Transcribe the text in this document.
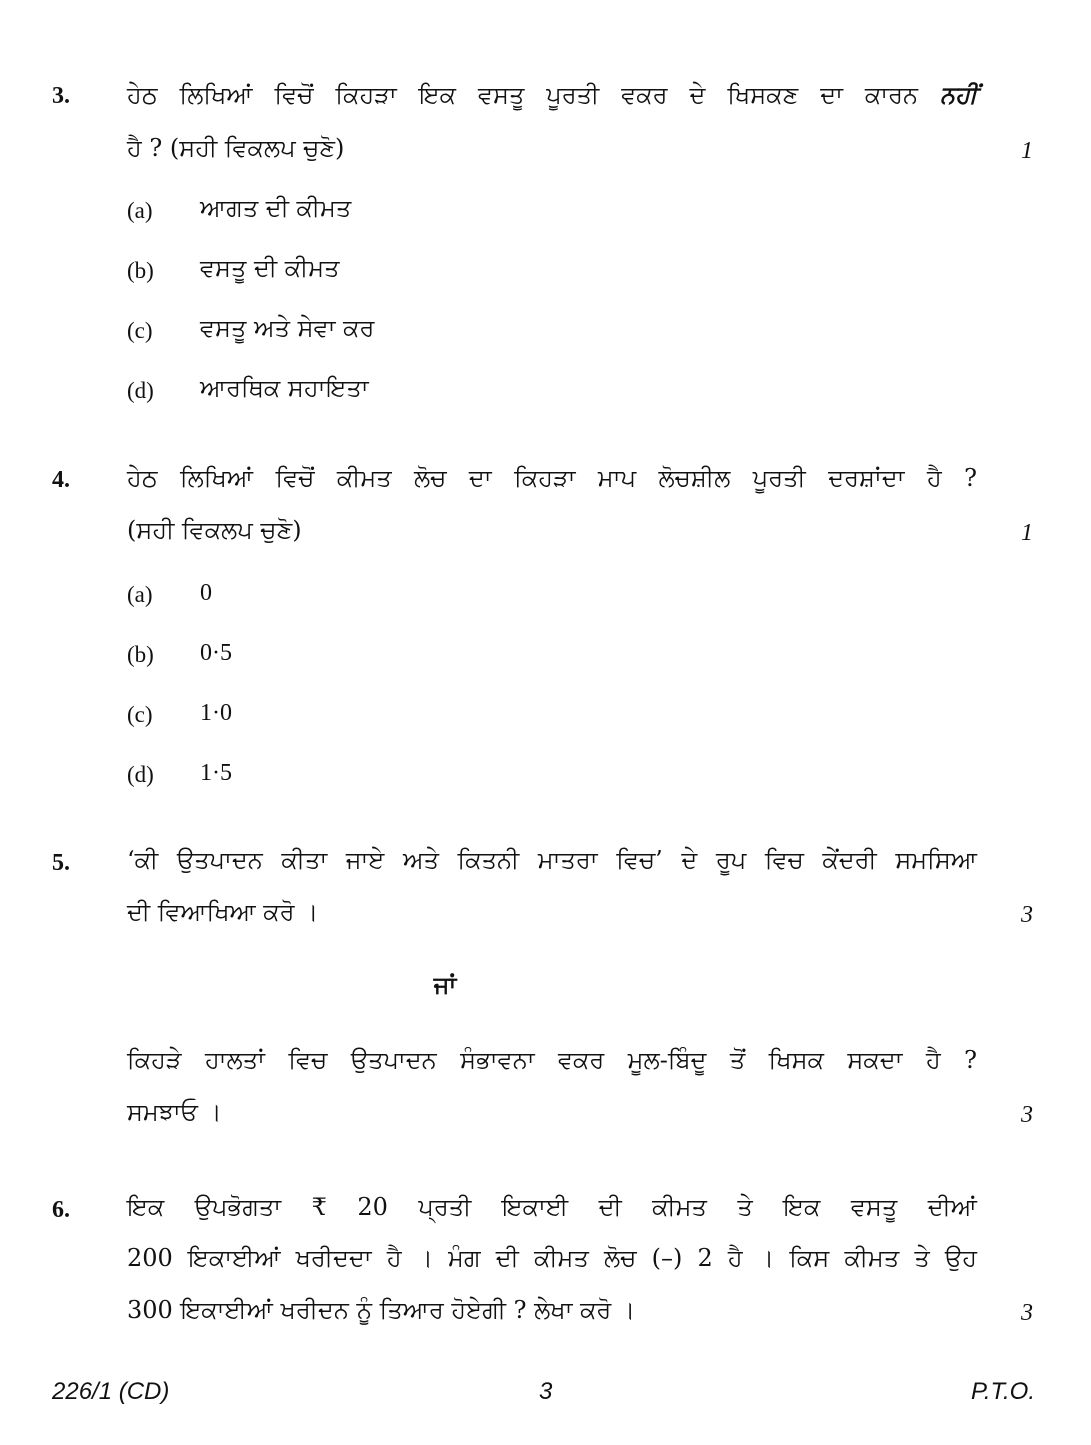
3. ਹੇਠ ਲਿਖਿਆਂ ਵਿਚੋਂ ਕਿਹੜਾ ਇਕ ਵਸਤੂ ਪੂਰਤੀ ਵਕਰ ਦੇ ਖਿਸਕਣ ਦਾ ਕਾਰਨ ਨਹੀਂ
ਹੈ ? (ਸਹੀ ਵਿਕਲਪ ਚੁਣੋ)	1
(a) ਆਗਤ ਦੀ ਕੀਮਤ
(b) ਵਸਤੂ ਦੀ ਕੀਮਤ
(c) ਵਸਤੂ ਅਤੇ ਸੇਵਾ ਕਰ
(d) ਆਰਥਿਕ ਸਹਾਇਤਾ
4. ਹੇਠ ਲਿਖਿਆਂ ਵਿਚੋਂ ਕੀਮਤ ਲੋਚ ਦਾ ਕਿਹੜਾ ਮਾਪ ਲੋਚਸ਼ੀਲ ਪੂਰਤੀ ਦਰਸ਼ਾਂਦਾ ਹੈ ?
(ਸਹੀ ਵਿਕਲਪ ਚੁਣੋ)	1
(a) 0
(b) 0·5
(c) 1·0
(d) 1·5
5. ‘ਕੀ ਉਤਪਾਦਨ ਕੀਤਾ ਜਾਏ ਅਤੇ ਕਿਤਨੀ ਮਾਤਰਾ ਵਿਚ’ ਦੇ ਰੂਪ ਵਿਚ ਕੇਂਦਰੀ ਸਮਸਿਆ
ਦੀ ਵਿਆਖਿਆ ਕਰੋ ।	3
ਜਾਂ
ਕਿਹੜੇ ਹਾਲਤਾਂ ਵਿਚ ਉਤਪਾਦਨ ਸੰਭਾਵਨਾ ਵਕਰ ਮੂਲ-ਬਿੰਦੂ ਤੋਂ ਖਿਸਕ ਸਕਦਾ ਹੈ ?
ਸਮਝਾਓ ।	3
6. ਇਕ ਉਪਭੋਗਤਾ ₹ 20 ਪ੍ਰਤੀ ਇਕਾਈ ਦੀ ਕੀਮਤ ਤੇ ਇਕ ਵਸਤੂ ਦੀਆਂ
200 ਇਕਾਈਆਂ ਖਰੀਦਦਾ ਹੈ । ਮੰਗ ਦੀ ਕੀਮਤ ਲੋਚ (–) 2 ਹੈ । ਕਿਸ ਕੀਮਤ ਤੇ ਉਹ
300 ਇਕਾਈਆਂ ਖਰੀਦਨ ਨੂੰ ਤਿਆਰ ਹੋਏਗੀ ? ਲੇਖਾ ਕਰੋ ।	3
226/1 (CD)	3	P.T.O.
